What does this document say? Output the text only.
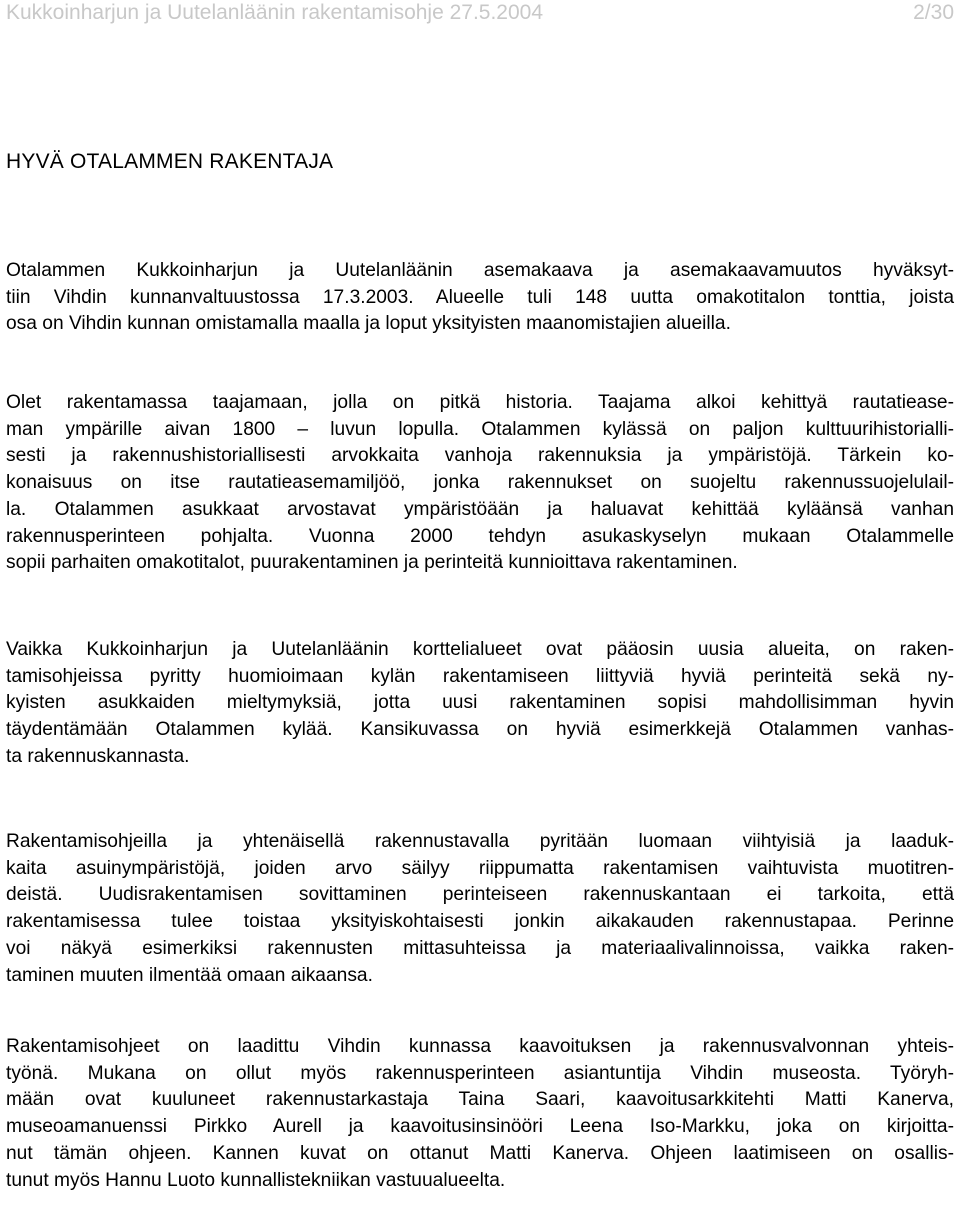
Kukkoinharjun ja Uutelanläänin rakentamisohje 27.5.2004	2/30
HYVÄ OTALAMMEN RAKENTAJA
Otalammen Kukkoinharjun ja Uutelanläänin asemakaava ja asemakaavamuutos hyväksyt-
tiin Vihdin kunnanvaltuustossa 17.3.2003. Alueelle tuli 148 uutta omakotitalon tonttia, joista
osa on Vihdin kunnan omistamalla maalla ja loput yksityisten maanomistajien alueilla.
Olet rakentamassa taajamaan, jolla on pitkä historia. Taajama alkoi kehittyä rautatiease-
man ympärille aivan 1800 – luvun lopulla. Otalammen kylässä on paljon kulttuurihistorialli-
sesti ja rakennushistoriallisesti arvokkaita vanhoja rakennuksia ja ympäristöjä. Tärkein ko-
konaisuus on itse rautatieasemamiljöö, jonka rakennukset on suojeltu rakennussuojelulail-
la. Otalammen asukkaat arvostavat ympäristöään ja haluavat kehittää kyläänsä vanhan
rakennusperinteen pohjalta. Vuonna 2000 tehdyn asukaskyselyn mukaan Otalammelle
sopii parhaiten omakotitalot, puurakentaminen ja perinteitä kunnioittava rakentaminen.
Vaikka Kukkoinharjun ja Uutelanläänin korttelialueet ovat pääosin uusia alueita, on raken-
tamisohjeissa pyritty huomioimaan kylän rakentamiseen liittyviä hyviä perinteitä sekä ny-
kyisten asukkaiden mieltymyksiä, jotta uusi rakentaminen sopisi mahdollisimman hyvin
täydentämään Otalammen kylää. Kansikuvassa on hyviä esimerkkejä Otalammen vanhas-
ta rakennuskannasta.
Rakentamisohjeilla ja yhtenäisellä rakennustavalla pyritään luomaan viihtyisiä ja laaduk-
kaita asuinympäristöjä, joiden arvo säilyy riippumatta rakentamisen vaihtuvista muotitren-
deistä. Uudisrakentamisen sovittaminen perinteiseen rakennuskantaan ei tarkoita, että
rakentamisessa tulee toistaa yksityiskohtaisesti jonkin aikakauden rakennustapaa. Perinne
voi näkyä esimerkiksi rakennusten mittasuhteissa ja materiaalivalinnoissa, vaikka raken-
taminen muuten ilmentää omaan aikaansa.
Rakentamisohjeet on laadittu Vihdin kunnassa kaavoituksen ja rakennusvalvonnan yhteis-
työnä. Mukana on ollut myös rakennusperinteen asiantuntija Vihdin museosta. Työryh-
mään ovat kuuluneet rakennustarkastaja Taina Saari, kaavoitusarkkitehti Matti Kanerva,
museoamanuenssi Pirkko Aurell ja kaavoitusinsinööri Leena Iso-Markku, joka on kirjoitta-
nut tämän ohjeen. Kannen kuvat on ottanut Matti Kanerva. Ohjeen laatimiseen on osallis-
tunut myös Hannu Luoto kunnallistekniikan vastuualueelta.
